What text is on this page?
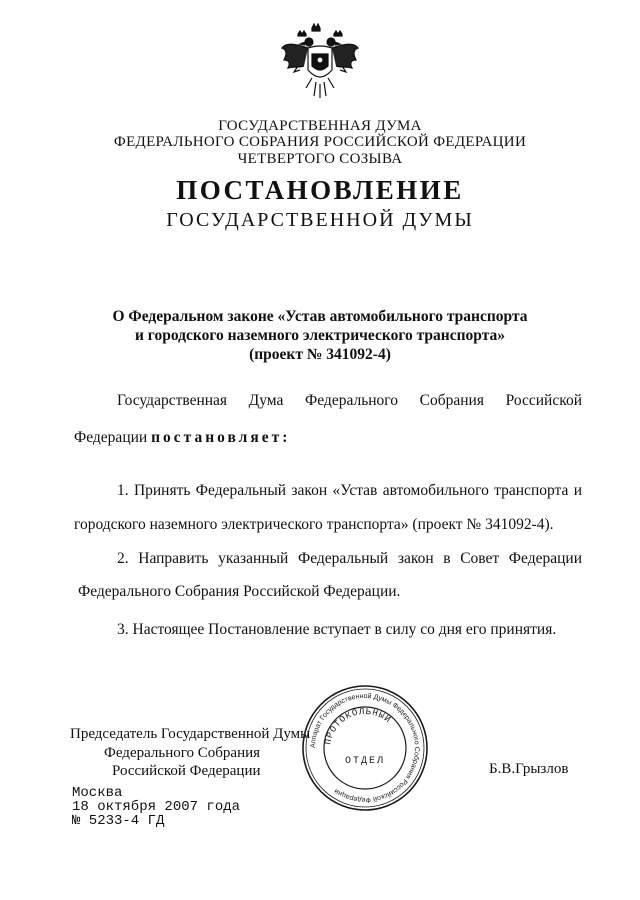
ГОСУДАРСТВЕННАЯ ДУМА
ФЕДЕРАЛЬНОГО СОБРАНИЯ РОССИЙСКОЙ ФЕДЕРАЦИИ
ЧЕТВЕРТОГО СОЗЫВА
ПОСТАНОВЛЕНИЕ
ГОСУДАРСТВЕННОЙ ДУМЫ
О Федеральном законе «Устав автомобильного транспорта
и городского наземного электрического транспорта»
(проект № 341092-4)
Государственная Дума Федерального Собрания Российской
Федерации постановляет:
1. Принять Федеральный закон «Устав автомобильного транспорта и
городского наземного электрического транспорта» (проект № 341092-4).
2. Направить указанный Федеральный закон в Совет Федерации
Федерального Собрания Российской Федерации.
3. Настоящее Постановление вступает в силу со дня его принятия.
Председатель Государственной Думы
Федерального Собрания
Российской Федерации	Б.В.Грызлов
Аппарат Государственной Думы Федерального Собрания Российской Федерации
ПРОТОКОЛЬНЫЙ
ОТДЕЛ
Москва
18 октября 2007 года
№ 5233-4 ГД
